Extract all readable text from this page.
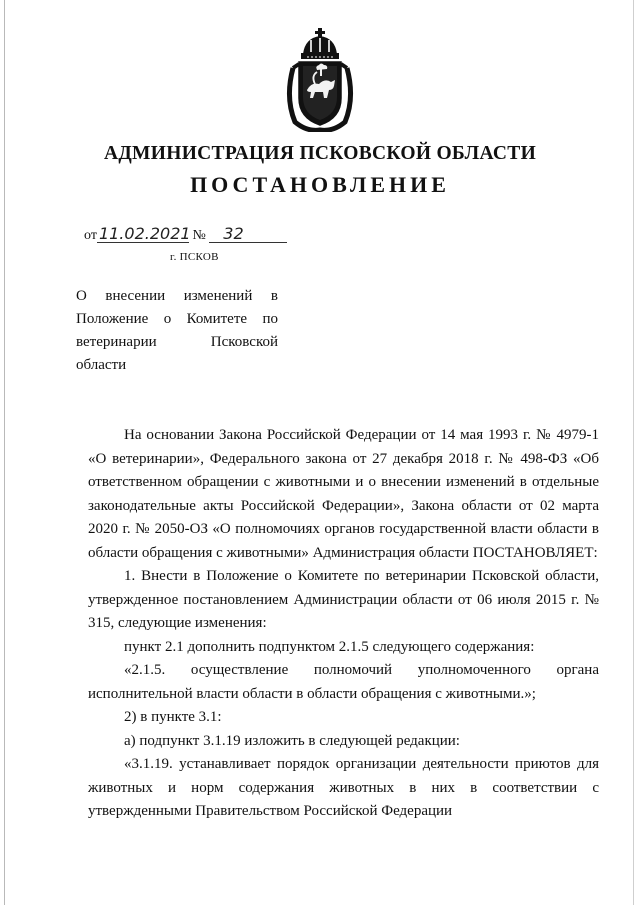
АДМИНИСТРАЦИЯ ПСКОВСКОЙ ОБЛАСТИ
ПОСТАНОВЛЕНИЕ
от 11.02.2021 № 32
г. ПСКОВ
О внесении изменений в Положение о Комитете по ветеринарии Псковской области

На основании Закона Российской Федерации от 14 мая 1993 г. № 4979-1 «О ветеринарии», Федерального закона от 27 декабря 2018 г. № 498-ФЗ «Об ответственном обращении с животными и о внесении изменений в отдельные законодательные акты Российской Федерации», Закона области от 02 марта 2020 г. № 2050-ОЗ «О полномочиях органов государственной власти области в области обращения с животными» Администрация области ПОСТАНОВЛЯЕТ:

1. Внести в Положение о Комитете по ветеринарии Псковской области, утвержденное постановлением Администрации области от 06 июля 2015 г. № 315, следующие изменения:

пункт 2.1 дополнить подпунктом 2.1.5 следующего содержания:

«2.1.5. осуществление полномочий уполномоченного органа исполнительной власти области в области обращения с животными.»;

2) в пункте 3.1:

а) подпункт 3.1.19 изложить в следующей редакции:

«3.1.19. устанавливает порядок организации деятельности приютов для животных и норм содержания животных в них в соответствии с утвержденными Правительством Российской Федерации
